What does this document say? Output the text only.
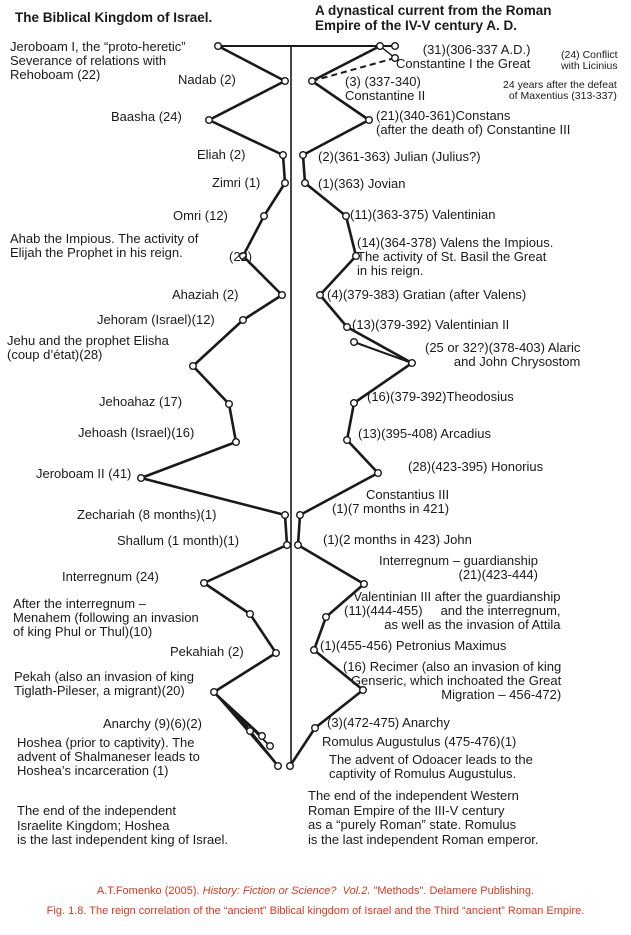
The Biblical Kingdom of Israel.	A dynastical current from the Roman
Empire of the IV-V century A. D.
Jeroboam I, the “proto-heretic”
Severance of relations with
Rehoboam (22)	Nadab (2)
Baasha (24)
Eliah (2)
Zimri (1)
Omri (12)
Ahab the Impious. The activity of
Elijah the Prophet in his reign.	(22)
Ahaziah (2)
Jehoram (Israel)(12)
Jehu and the prophet Elisha
(coup d’état)(28)
Jehoahaz (17)
Jehoash (Israel)(16)
Jeroboam II (41)
Zechariah (8 months)(1)
Shallum (1 month)(1)
Interregnum (24)
After the interregnum –
Menahem (following an invasion
of king Phul or Thul)(10)
Pekahiah (2)
Pekah (also an invasion of king
Tiglath-Pileser, a migrant)(20)
Anarchy (9)(6)(2)
Hoshea (prior to captivity). The
advent of Shalmaneser leads to
Hoshea’s incarceration (1)
The end of the independent
Israelite Kingdom; Hoshea
is the last independent king of Israel.
(31)(306-337 A.D.)
Constantine I the Great
(24) Conflict
with Licinius
24 years after the defeat
of Maxentius (313-337)
(3) (337-340)
Constantine II
(21)(340-361)Constans
(after the death of) Constantine III
(2)(361-363) Julian (Julius?)
(1)(363) Jovian
(11)(363-375) Valentinian
(14)(364-378) Valens the Impious.
The activity of St. Basil the Great
in his reign.
(4)(379-383) Gratian (after Valens)
(13)(379-392) Valentinian II
(25 or 32?)(378-403) Alaric
and John Chrysostom
(16)(379-392)Theodosius
(13)(395-408) Arcadius
(28)(423-395) Honorius
Constantius III
(1)(7 months in 421)
(1)(2 months in 423) John
Interregnum – guardianship
(21)(423-444)
Valentinian III after the guardianship
(11)(444-455)     and the interregnum,
as well as the invasion of Attila
(1)(455-456) Petronius Maximus
(16) Recimer (also an invasion of king
Genseric, which inchoated the Great
Migration – 456-472)
(3)(472-475) Anarchy
Romulus Augustulus (475-476)(1)
The advent of Odoacer leads to the
captivity of Romulus Augustulus.
The end of the independent Western
Roman Empire of the III-V century
as a “purely Roman” state. Romulus
is the last independent Roman emperor.
A.T.Fomenko (2005). History: Fiction or Science?  Vol.2. "Methods". Delamere Publishing.
Fig. 1.8. The reign correlation of the “ancient” Biblical kingdom of Israel and the Third “ancient” Roman Empire.
